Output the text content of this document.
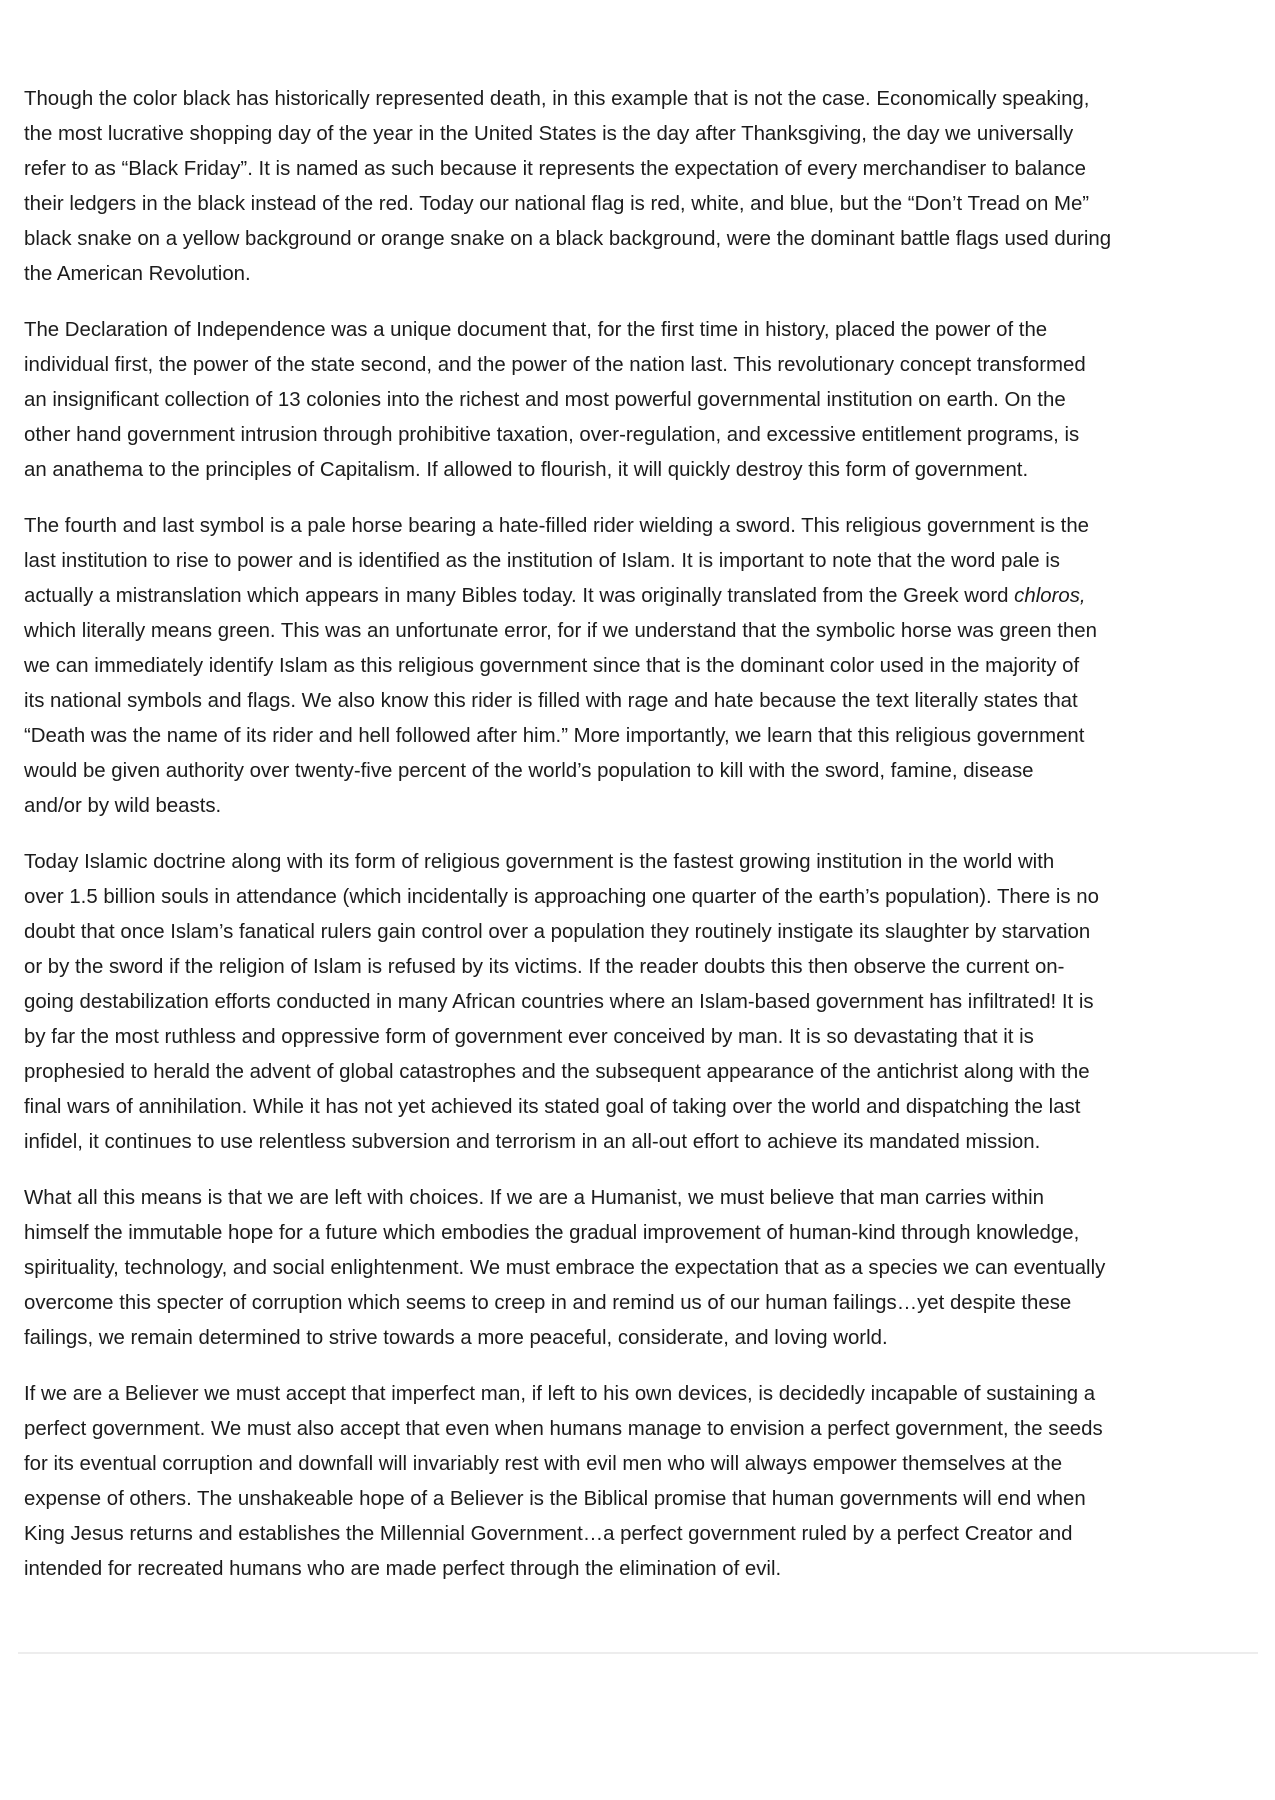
Though the color black has historically represented death, in this example that is not the case. Economically speaking,
the most lucrative shopping day of the year in the United States is the day after Thanksgiving, the day we universally
refer to as “Black Friday”. It is named as such because it represents the expectation of every merchandiser to balance
their ledgers in the black instead of the red. Today our national flag is red, white, and blue, but the “Don’t Tread on Me”
black snake on a yellow background or orange snake on a black background, were the dominant battle flags used during
the American Revolution.
The Declaration of Independence was a unique document that, for the first time in history, placed the power of the
individual first, the power of the state second, and the power of the nation last. This revolutionary concept transformed
an insignificant collection of 13 colonies into the richest and most powerful governmental institution on earth. On the
other hand government intrusion through prohibitive taxation, over-regulation, and excessive entitlement programs, is
an anathema to the principles of Capitalism. If allowed to flourish, it will quickly destroy this form of government.
The fourth and last symbol is a pale horse bearing a hate-filled rider wielding a sword. This religious government is the
last institution to rise to power and is identified as the institution of Islam. It is important to note that the word pale is
actually a mistranslation which appears in many Bibles today. It was originally translated from the Greek word chloros,
which literally means green. This was an unfortunate error, for if we understand that the symbolic horse was green then
we can immediately identify Islam as this religious government since that is the dominant color used in the majority of
its national symbols and flags. We also know this rider is filled with rage and hate because the text literally states that
“Death was the name of its rider and hell followed after him.” More importantly, we learn that this religious government
would be given authority over twenty-five percent of the world’s population to kill with the sword, famine, disease
and/or by wild beasts.
Today Islamic doctrine along with its form of religious government is the fastest growing institution in the world with
over 1.5 billion souls in attendance (which incidentally is approaching one quarter of the earth’s population). There is no
doubt that once Islam’s fanatical rulers gain control over a population they routinely instigate its slaughter by starvation
or by the sword if the religion of Islam is refused by its victims. If the reader doubts this then observe the current on-
going destabilization efforts conducted in many African countries where an Islam-based government has infiltrated! It is
by far the most ruthless and oppressive form of government ever conceived by man. It is so devastating that it is
prophesied to herald the advent of global catastrophes and the subsequent appearance of the antichrist along with the
final wars of annihilation. While it has not yet achieved its stated goal of taking over the world and dispatching the last
infidel, it continues to use relentless subversion and terrorism in an all-out effort to achieve its mandated mission.
What all this means is that we are left with choices. If we are a Humanist, we must believe that man carries within
himself the immutable hope for a future which embodies the gradual improvement of human-kind through knowledge,
spirituality, technology, and social enlightenment. We must embrace the expectation that as a species we can eventually
overcome this specter of corruption which seems to creep in and remind us of our human failings…yet despite these
failings, we remain determined to strive towards a more peaceful, considerate, and loving world.
If we are a Believer we must accept that imperfect man, if left to his own devices, is decidedly incapable of sustaining a
perfect government. We must also accept that even when humans manage to envision a perfect government, the seeds
for its eventual corruption and downfall will invariably rest with evil men who will always empower themselves at the
expense of others. The unshakeable hope of a Believer is the Biblical promise that human governments will end when
King Jesus returns and establishes the Millennial Government…a perfect government ruled by a perfect Creator and
intended for recreated humans who are made perfect through the elimination of evil.
